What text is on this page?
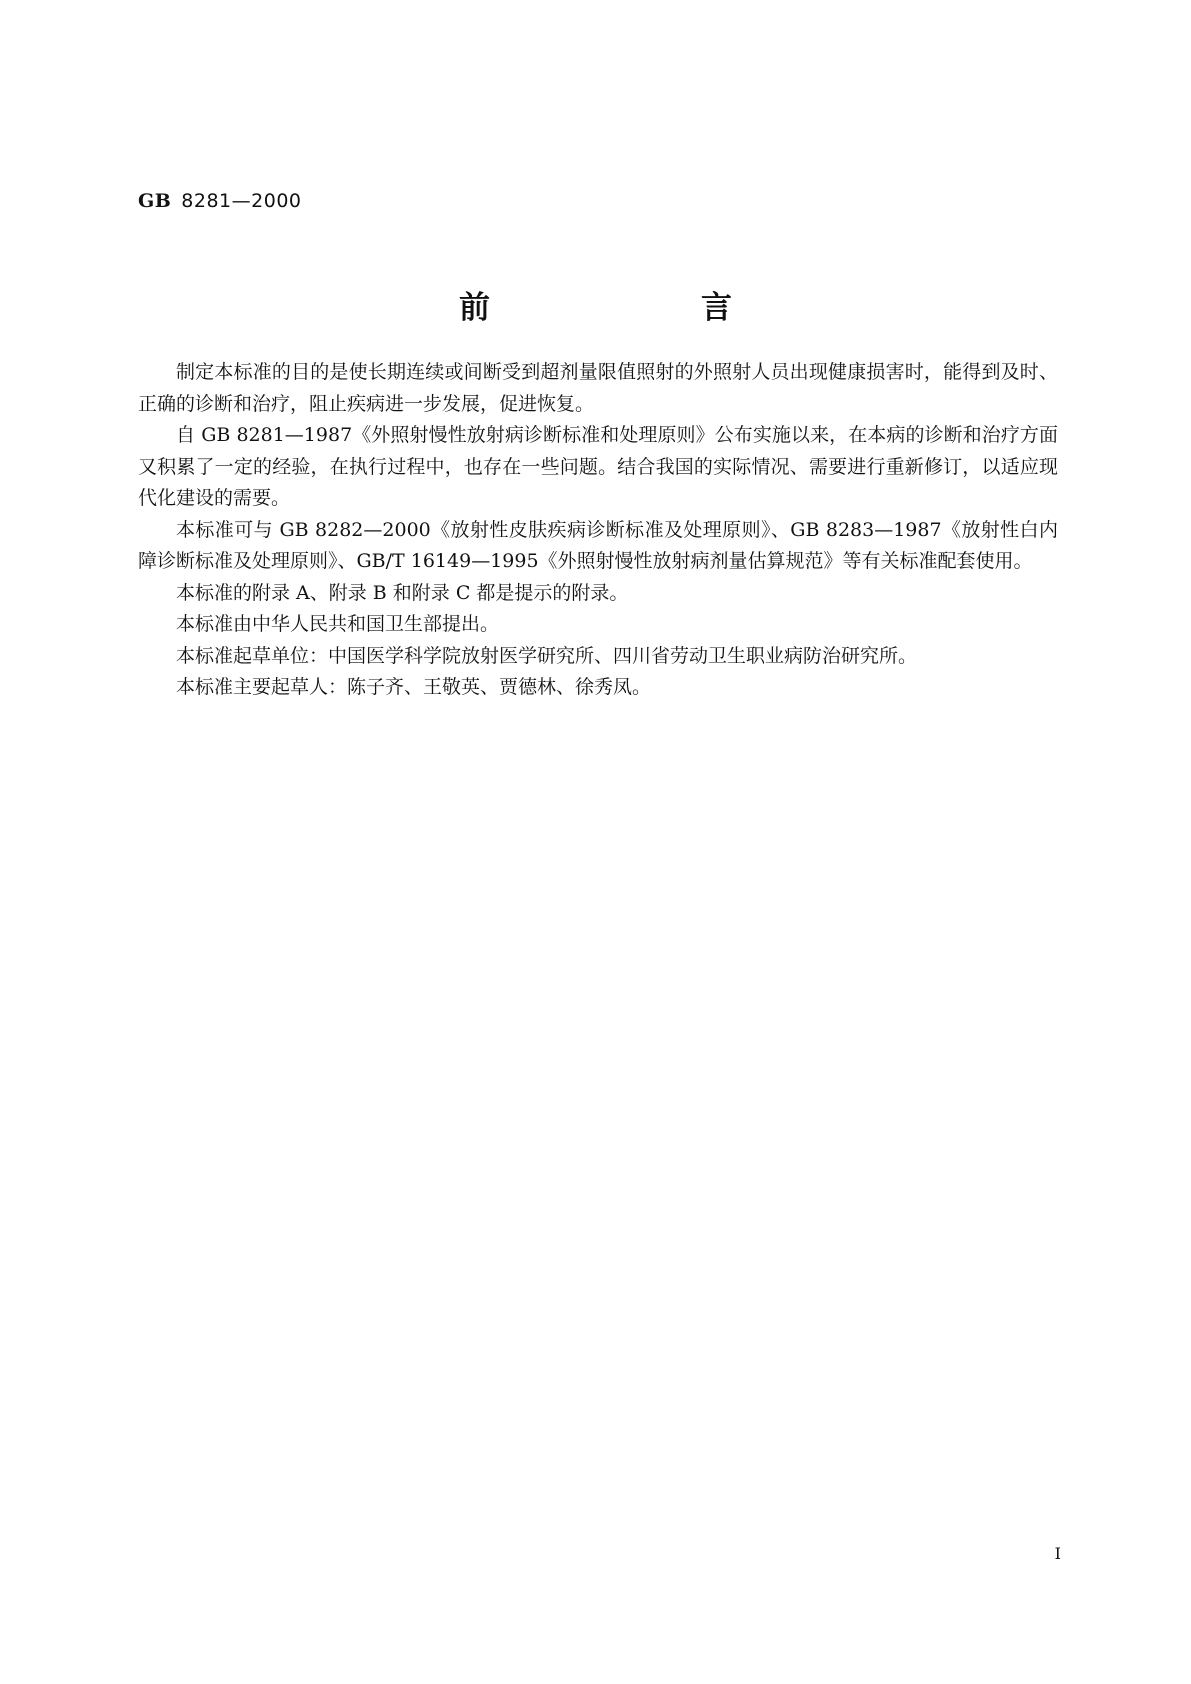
GB 8281—2000
前　言

制定本标准的目的是使长期连续或间断受到超剂量限值照射的外照射人员出现健康损害时，能得到及时、正确的诊断和治疗，阻止疾病进一步发展，促进恢复。

自 GB 8281—1987《外照射慢性放射病诊断标准和处理原则》公布实施以来，在本病的诊断和治疗方面又积累了一定的经验，在执行过程中，也存在一些问题。结合我国的实际情况、需要进行重新修订，以适应现代化建设的需要。

本标准可与 GB 8282—2000《放射性皮肤疾病诊断标准及处理原则》、GB 8283—1987《放射性白内障诊断标准及处理原则》、GB/T 16149—1995《外照射慢性放射病剂量估算规范》等有关标准配套使用。

本标准的附录 A、附录 B 和附录 C 都是提示的附录。

本标准由中华人民共和国卫生部提出。

本标准起草单位：中国医学科学院放射医学研究所、四川省劳动卫生职业病防治研究所。

本标准主要起草人：陈子齐、王敬英、贾德林、徐秀凤。

I
